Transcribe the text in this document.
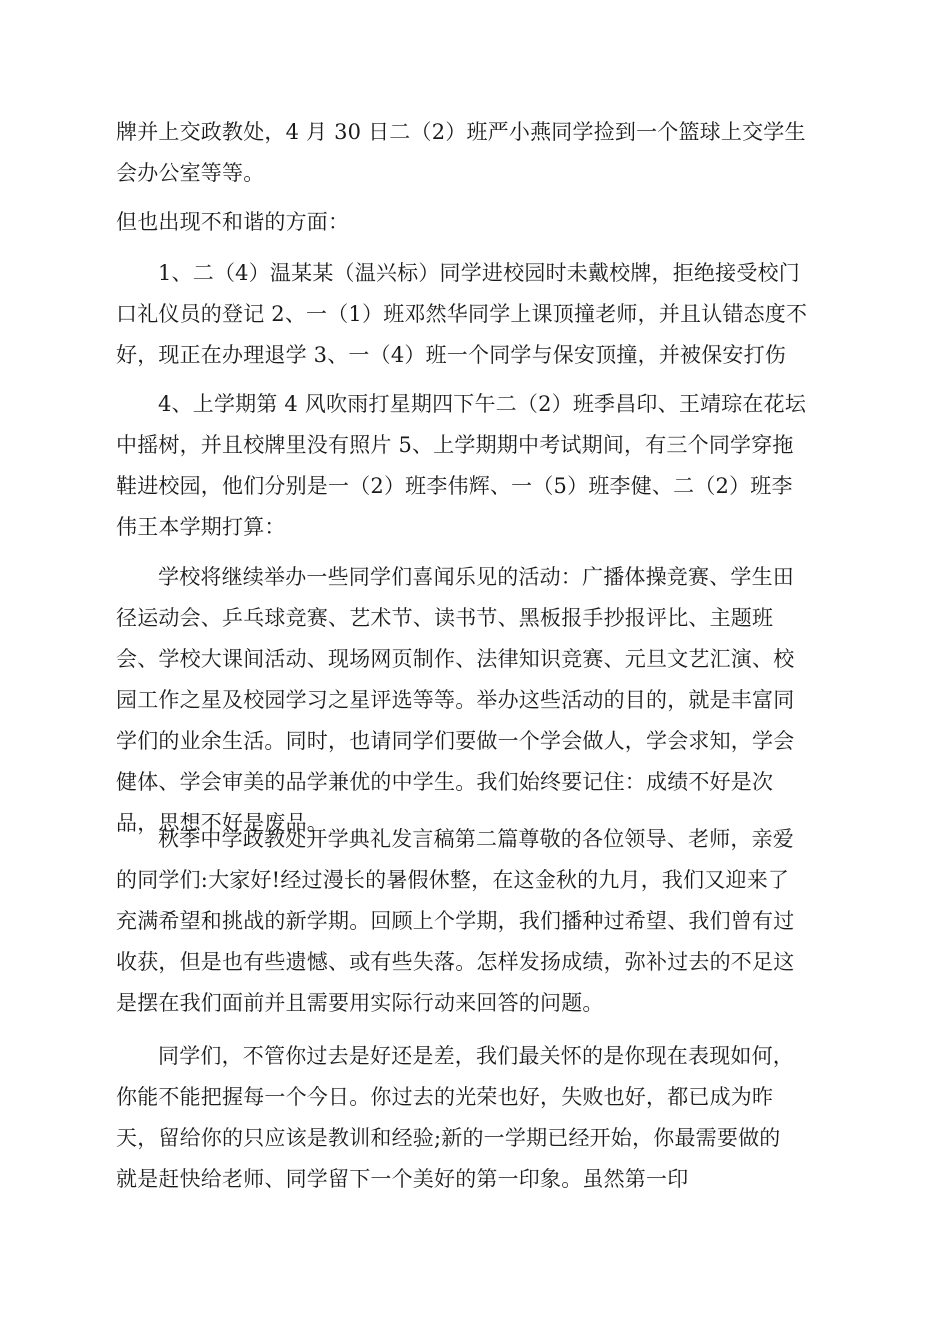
牌并上交政教处，4 月 30 日二（2）班严小燕同学捡到一个篮球上交学生
会办公室等等。

但也出现不和谐的方面：

1、二（4）温某某（温兴标）同学进校园时未戴校牌，拒绝接受校门
口礼仪员的登记 2、一（1）班邓然华同学上课顶撞老师，并且认错态度不
好，现正在办理退学 3、一（4）班一个同学与保安顶撞，并被保安打伤

4、上学期第 4 风吹雨打星期四下午二（2）班季昌印、王靖琮在花坛
中摇树，并且校牌里没有照片 5、上学期期中考试期间，有三个同学穿拖
鞋进校园，他们分别是一（2）班李伟辉、一（5）班李健、二（2）班李
伟王本学期打算：

学校将继续举办一些同学们喜闻乐见的活动：广播体操竞赛、学生田
径运动会、乒乓球竞赛、艺术节、读书节、黑板报手抄报评比、主题班
会、学校大课间活动、现场网页制作、法律知识竞赛、元旦文艺汇演、校
园工作之星及校园学习之星评选等等。举办这些活动的目的，就是丰富同
学们的业余生活。同时，也请同学们要做一个学会做人，学会求知，学会
健体、学会审美的品学兼优的中学生。我们始终要记住：成绩不好是次
品，思想不好是废品。

秋季中学政教处开学典礼发言稿第二篇尊敬的各位领导、老师，亲爱
的同学们:大家好!经过漫长的暑假休整，在这金秋的九月，我们又迎来了
充满希望和挑战的新学期。回顾上个学期，我们播种过希望、我们曾有过
收获，但是也有些遗憾、或有些失落。怎样发扬成绩，弥补过去的不足这
是摆在我们面前并且需要用实际行动来回答的问题。

同学们，不管你过去是好还是差，我们最关怀的是你现在表现如何，
你能不能把握每一个今日。你过去的光荣也好，失败也好，都已成为昨
天，留给你的只应该是教训和经验;新的一学期已经开始，你最需要做的
就是赶快给老师、同学留下一个美好的第一印象。虽然第一印
